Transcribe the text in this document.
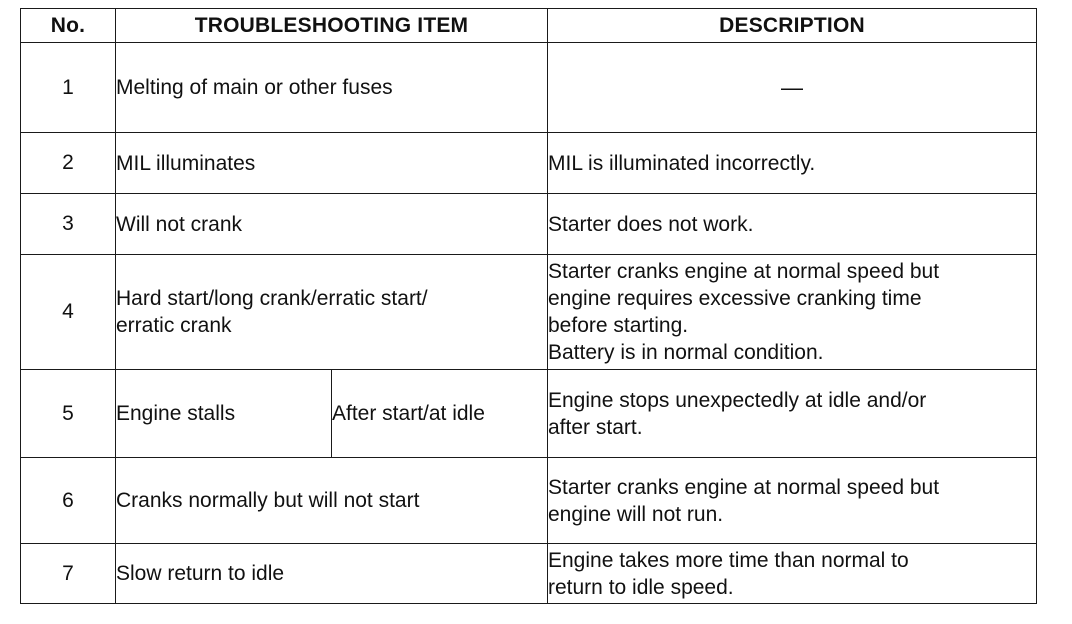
No.	TROUBLESHOOTING ITEM		DESCRIPTION
1	Melting of main or other fuses		—

2	MIL illuminates		MIL is illuminated incorrectly.

3	Will not crank		Starter does not work.

4	Hard start/long crank/erratic start/
erratic crank		Starter cranks engine at normal speed but
engine requires excessive cranking time
before starting.
Battery is in normal condition.

5	Engine stalls	After start/at idle	Engine stops unexpectedly at idle and/or
after start.

6	Cranks normally but will not start		Starter cranks engine at normal speed but
engine will not run.

7	Slow return to idle		Engine takes more time than normal to
return to idle speed.
